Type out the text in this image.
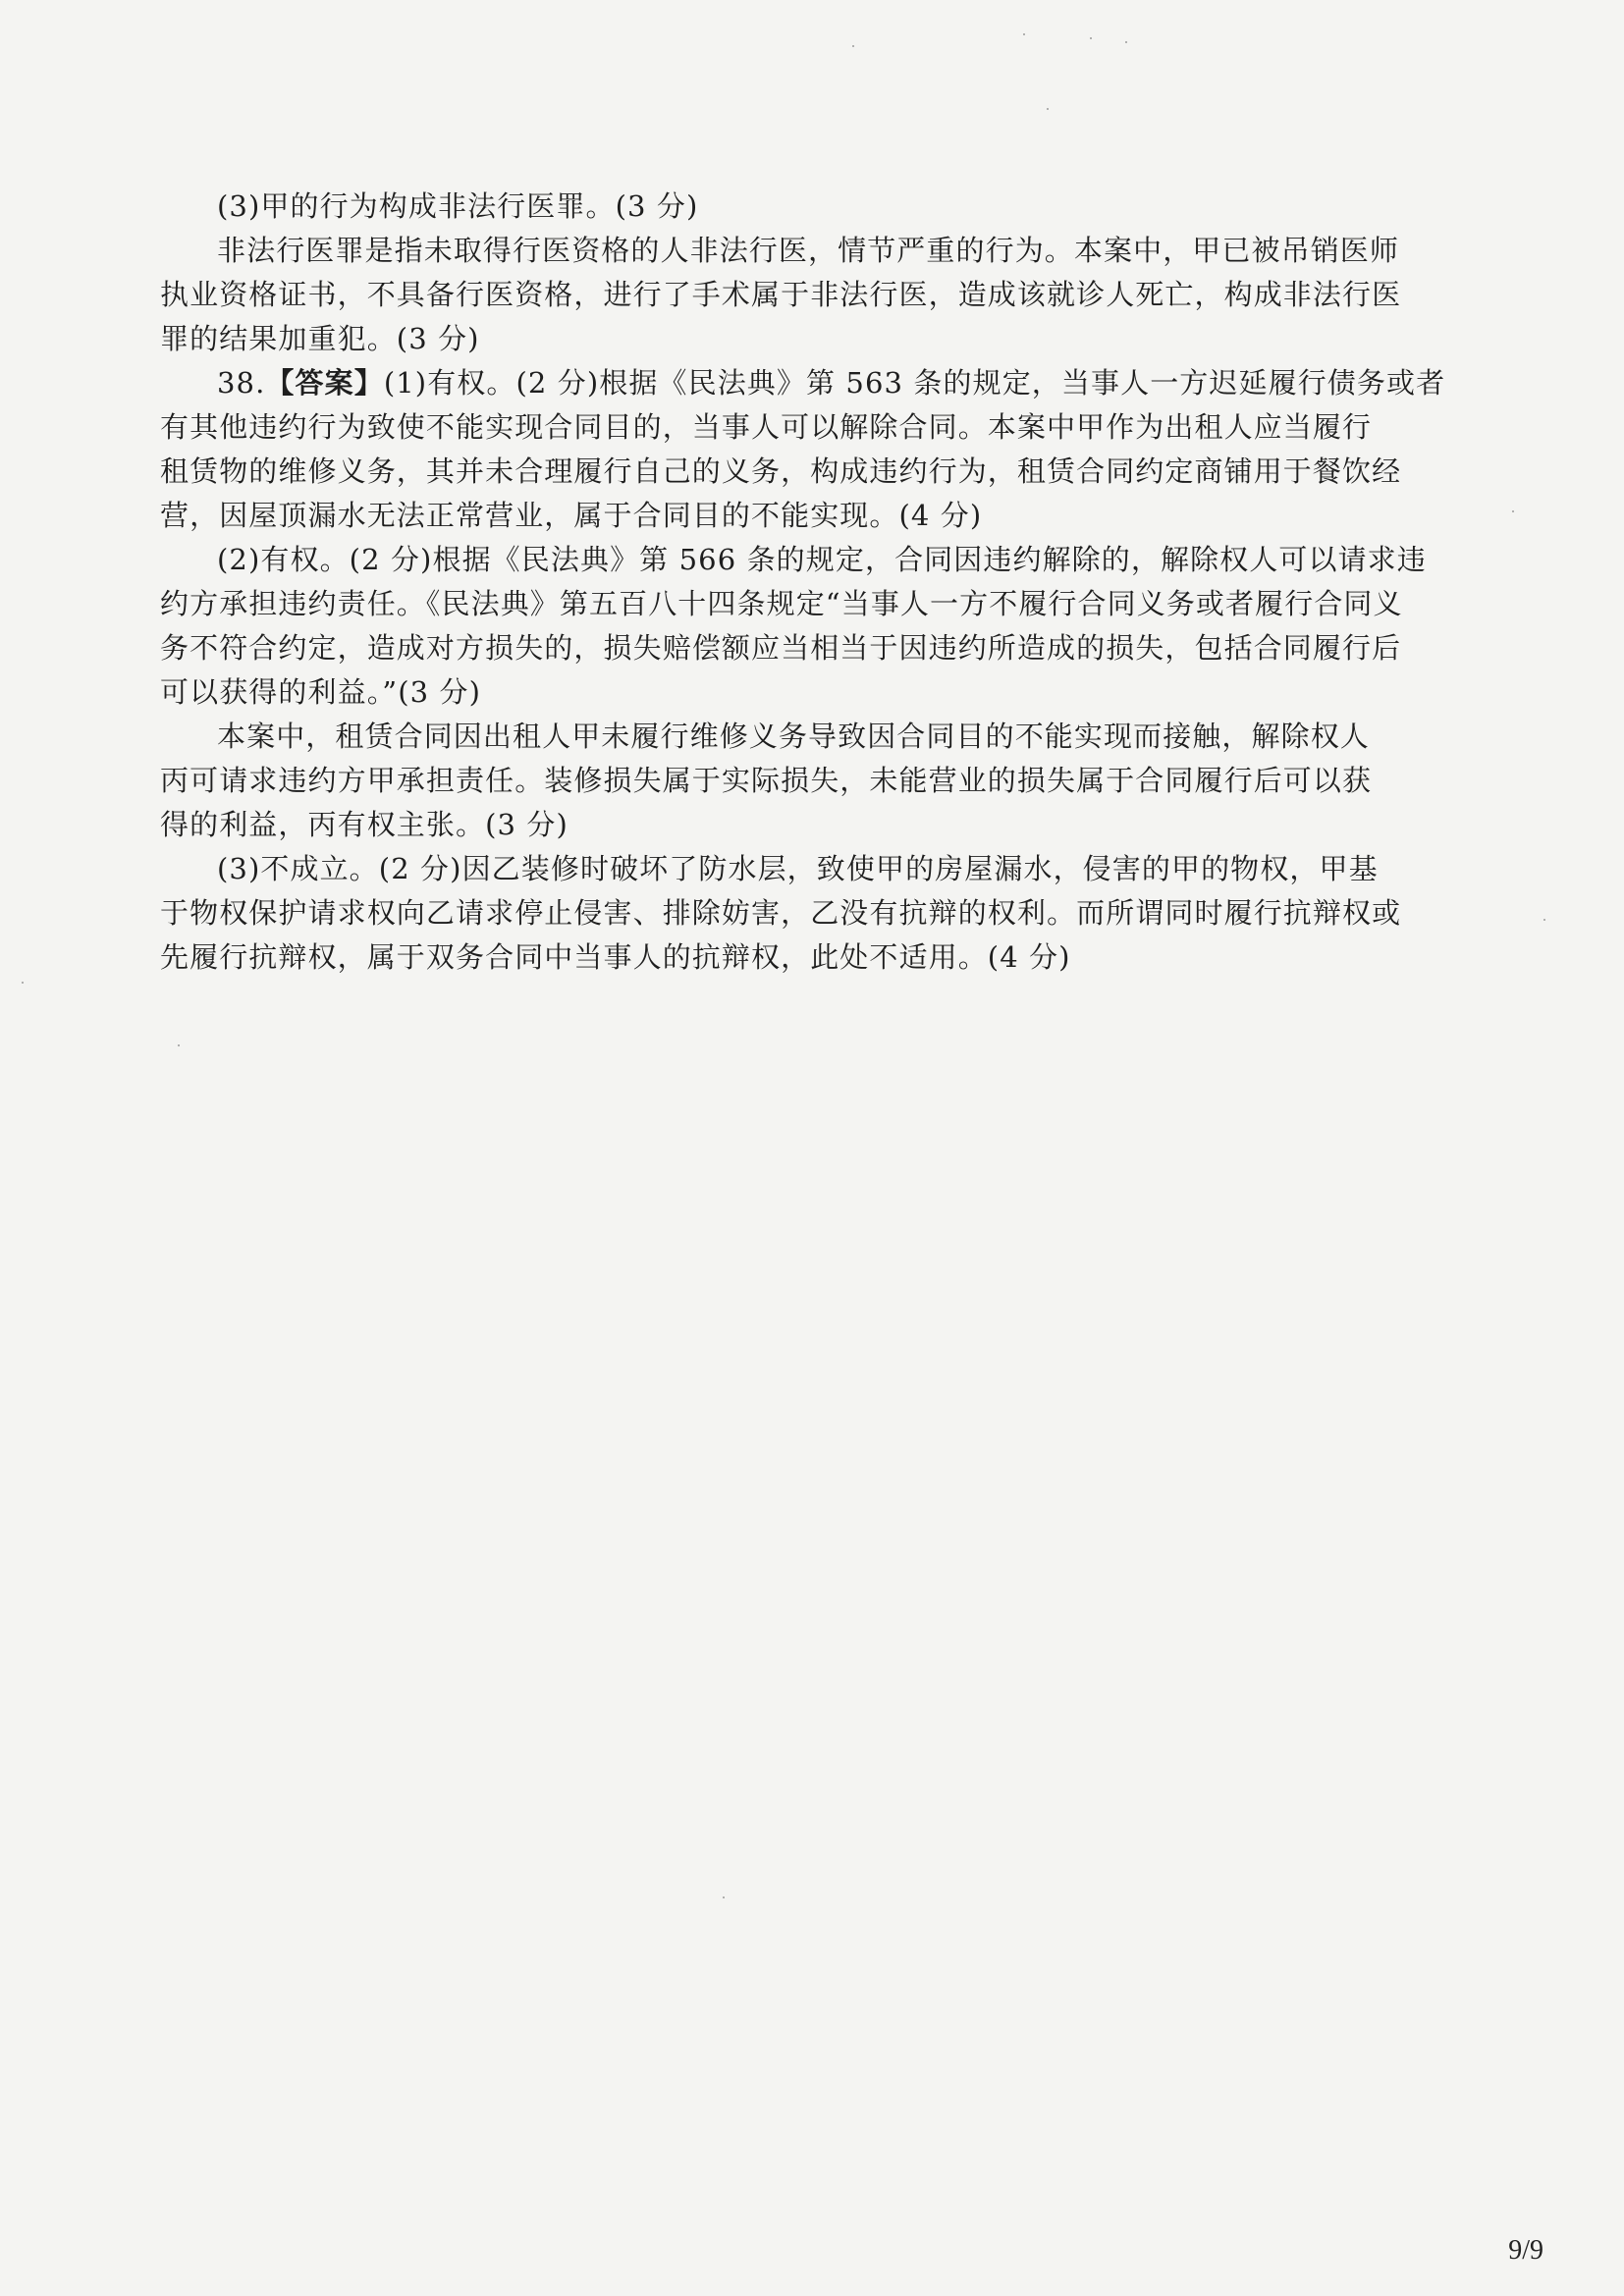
(3)甲的行为构成非法行医罪。(3 分)
非法行医罪是指未取得行医资格的人非法行医，情节严重的行为。本案中，甲已被吊销医师
执业资格证书，不具备行医资格，进行了手术属于非法行医，造成该就诊人死亡，构成非法行医
罪的结果加重犯。(3 分)
38.【答案】(1)有权。(2 分)根据《民法典》第 563 条的规定，当事人一方迟延履行债务或者
有其他违约行为致使不能实现合同目的，当事人可以解除合同。本案中甲作为出租人应当履行
租赁物的维修义务，其并未合理履行自己的义务，构成违约行为，租赁合同约定商铺用于餐饮经
营，因屋顶漏水无法正常营业，属于合同目的不能实现。(4 分)
(2)有权。(2 分)根据《民法典》第 566 条的规定，合同因违约解除的，解除权人可以请求违
约方承担违约责任。《民法典》第五百八十四条规定“当事人一方不履行合同义务或者履行合同义
务不符合约定，造成对方损失的，损失赔偿额应当相当于因违约所造成的损失，包括合同履行后
可以获得的利益。”(3 分)
本案中，租赁合同因出租人甲未履行维修义务导致因合同目的不能实现而接触，解除权人
丙可请求违约方甲承担责任。装修损失属于实际损失，未能营业的损失属于合同履行后可以获
得的利益，丙有权主张。(3 分)
(3)不成立。(2 分)因乙装修时破坏了防水层，致使甲的房屋漏水，侵害的甲的物权，甲基
于物权保护请求权向乙请求停止侵害、排除妨害，乙没有抗辩的权利。而所谓同时履行抗辩权或
先履行抗辩权，属于双务合同中当事人的抗辩权，此处不适用。(4 分)
9/9
